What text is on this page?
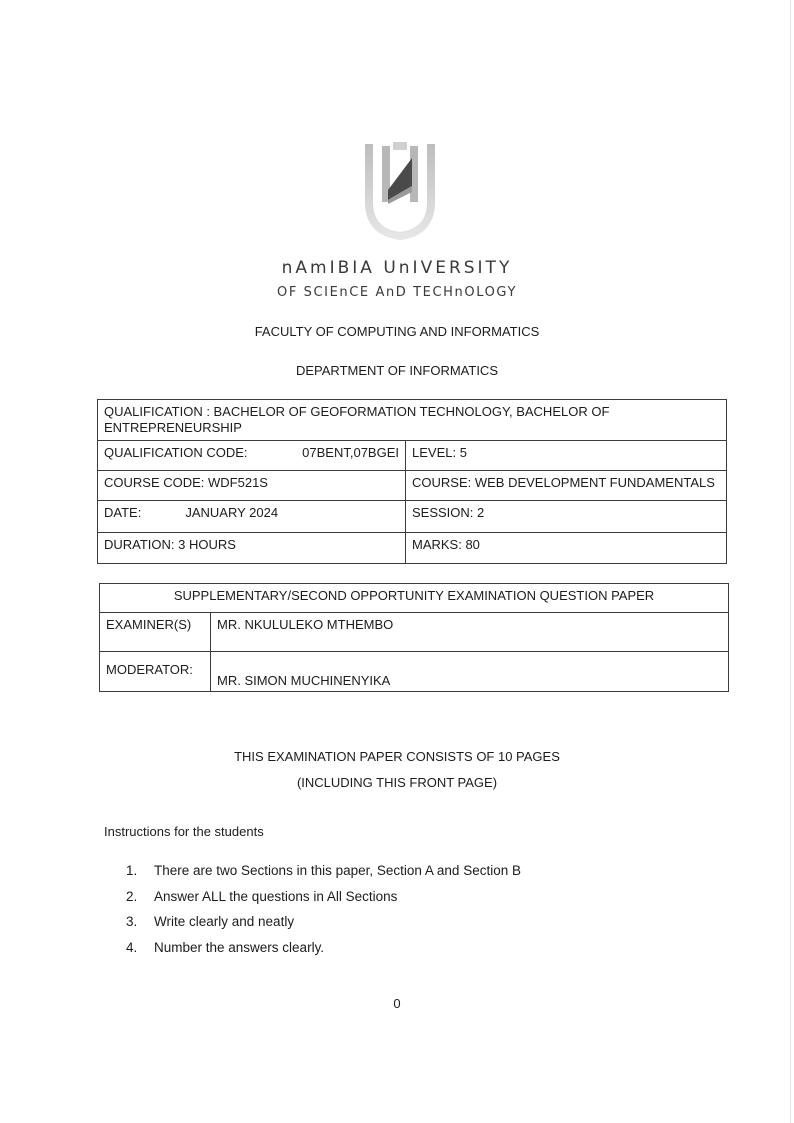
nAmIBIA UnIVERSITY
OF SCIEnCE AnD TECHnOLOGY
FACULTY OF COMPUTING AND INFORMATICS
DEPARTMENT OF INFORMATICS
QUALIFICATION : BACHELOR OF GEOFORMATION TECHNOLOGY, BACHELOR OF ENTREPRENEURSHIP	

QUALIFICATION CODE: 07BENT,07BGEI	LEVEL: 5
COURSE CODE: WDF521S	COURSE: WEB DEVELOPMENT FUNDAMENTALS
DATE: JANUARY 2024	SESSION: 2
DURATION: 3 HOURS	MARKS: 80
SUPPLEMENTARY/SECOND OPPORTUNITY EXAMINATION QUESTION PAPER	
EXAMINER(S)	MR. NKULULEKO MTHEMBO
MODERATOR:	MR. SIMON MUCHINENYIKA
THIS EXAMINATION PAPER CONSISTS OF 10 PAGES
(INCLUDING THIS FRONT PAGE)
Instructions for the students
1. There are two Sections in this paper, Section A and Section B
2. Answer ALL the questions in All Sections
3. Write clearly and neatly
4. Number the answers clearly.
0
